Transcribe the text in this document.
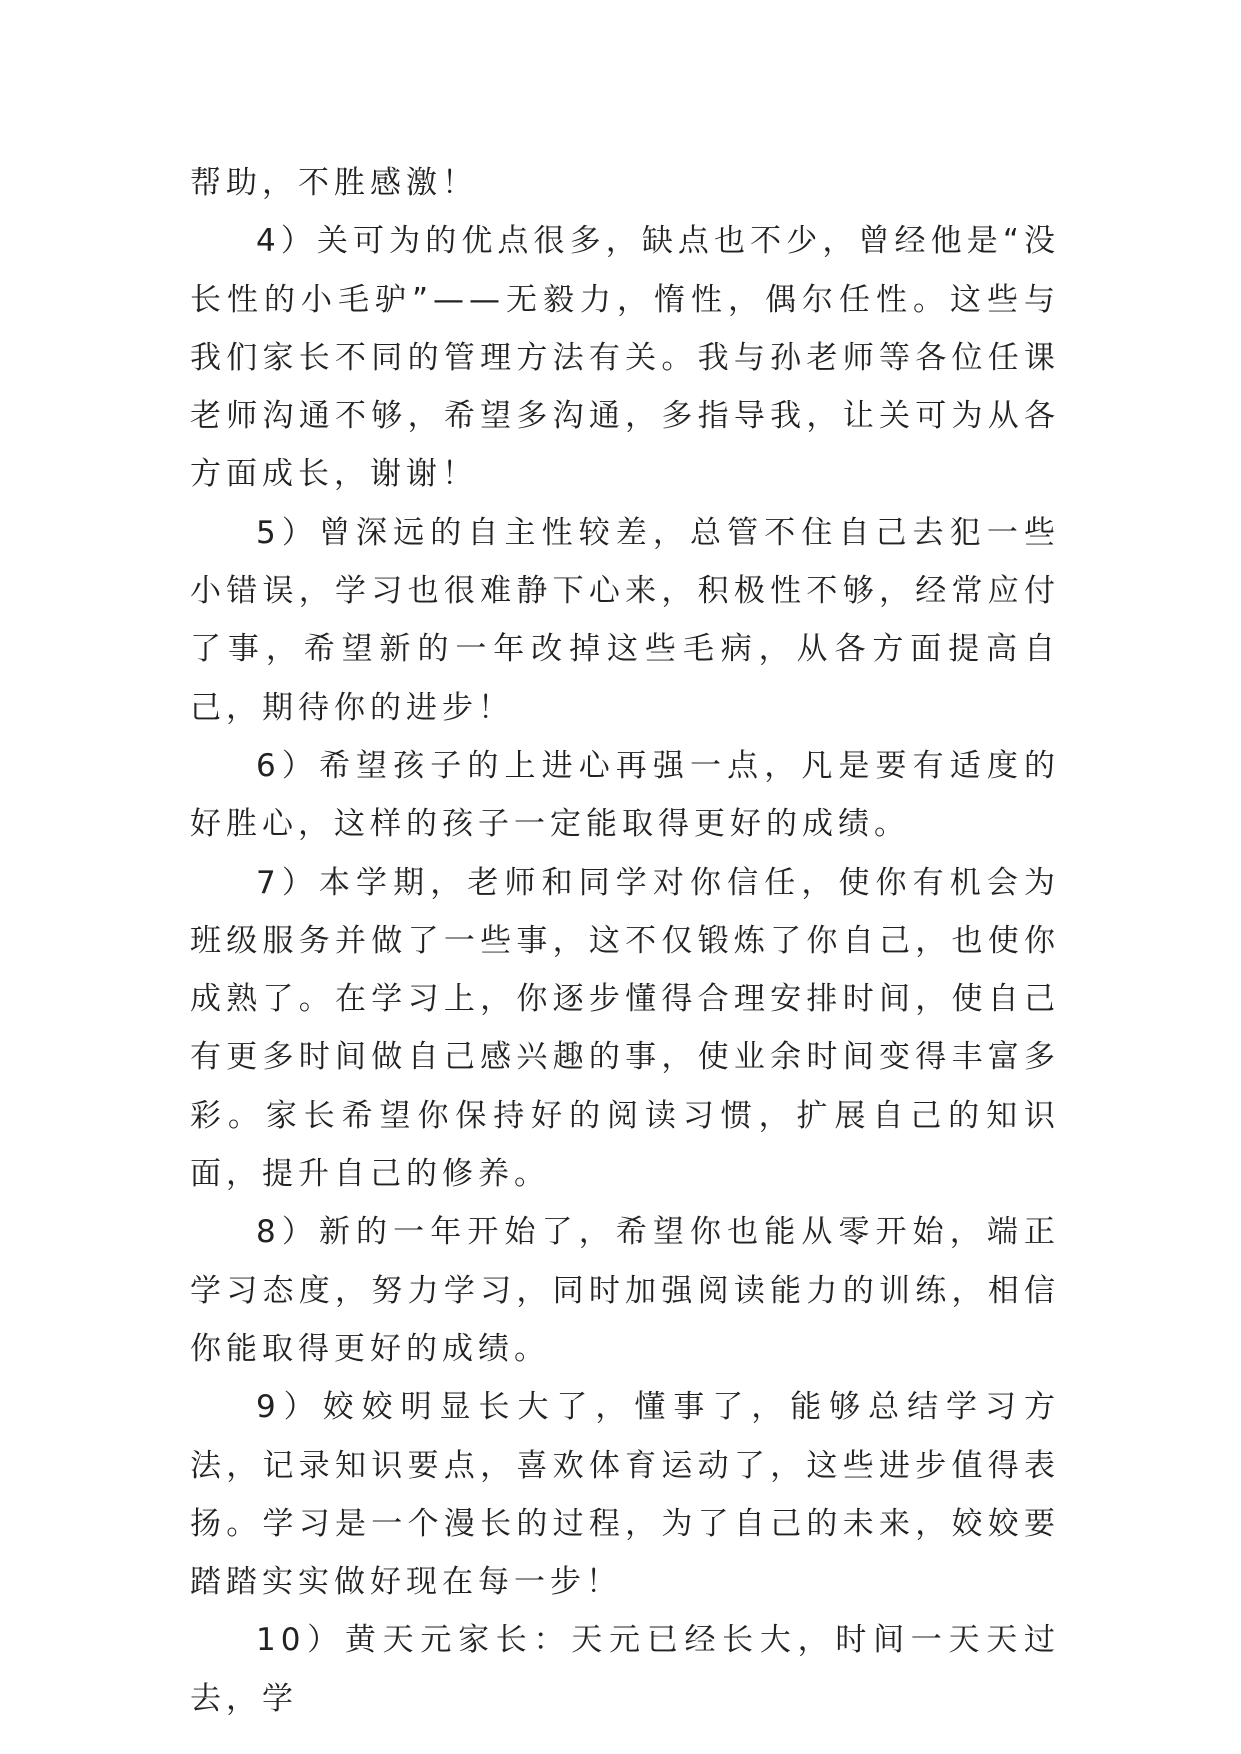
帮助，不胜感激！

4）关可为的优点很多，缺点也不少，曾经他是“没长性的小毛驴”——无毅力，惰性，偶尔任性。这些与我们家长不同的管理方法有关。我与孙老师等各位任课老师沟通不够，希望多沟通，多指导我，让关可为从各方面成长，谢谢！

5）曾深远的自主性较差，总管不住自己去犯一些小错误，学习也很难静下心来，积极性不够，经常应付了事，希望新的一年改掉这些毛病，从各方面提高自己，期待你的进步！

6）希望孩子的上进心再强一点，凡是要有适度的好胜心，这样的孩子一定能取得更好的成绩。

7）本学期，老师和同学对你信任，使你有机会为班级服务并做了一些事，这不仅锻炼了你自己，也使你成熟了。在学习上，你逐步懂得合理安排时间，使自己有更多时间做自己感兴趣的事，使业余时间变得丰富多彩。家长希望你保持好的阅读习惯，扩展自己的知识面，提升自己的修养。

8）新的一年开始了，希望你也能从零开始，端正学习态度，努力学习，同时加强阅读能力的训练，相信你能取得更好的成绩。

9）姣姣明显长大了，懂事了，能够总结学习方法，记录知识要点，喜欢体育运动了，这些进步值得表扬。学习是一个漫长的过程，为了自己的未来，姣姣要踏踏实实做好现在每一步！

10）黄天元家长：天元已经长大，时间一天天过去，学
